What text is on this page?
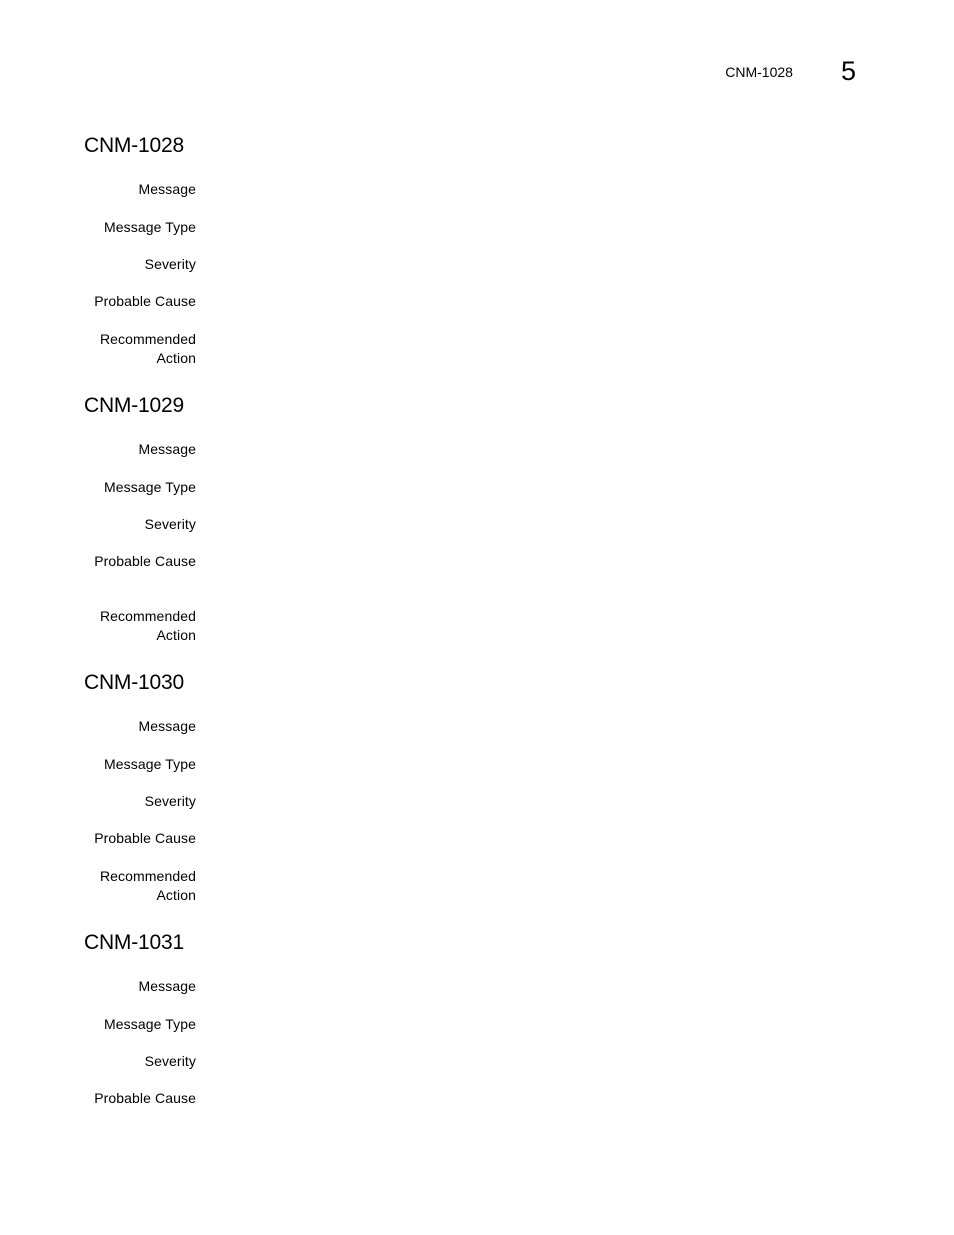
CNM-1028 5
CNM-1028
Message
Message Type
Severity
Probable Cause
Recommended
Action
CNM-1029
Message
Message Type
Severity
Probable Cause
Recommended
Action
CNM-1030
Message
Message Type
Severity
Probable Cause
Recommended
Action
CNM-1031
Message
Message Type
Severity
Probable Cause
